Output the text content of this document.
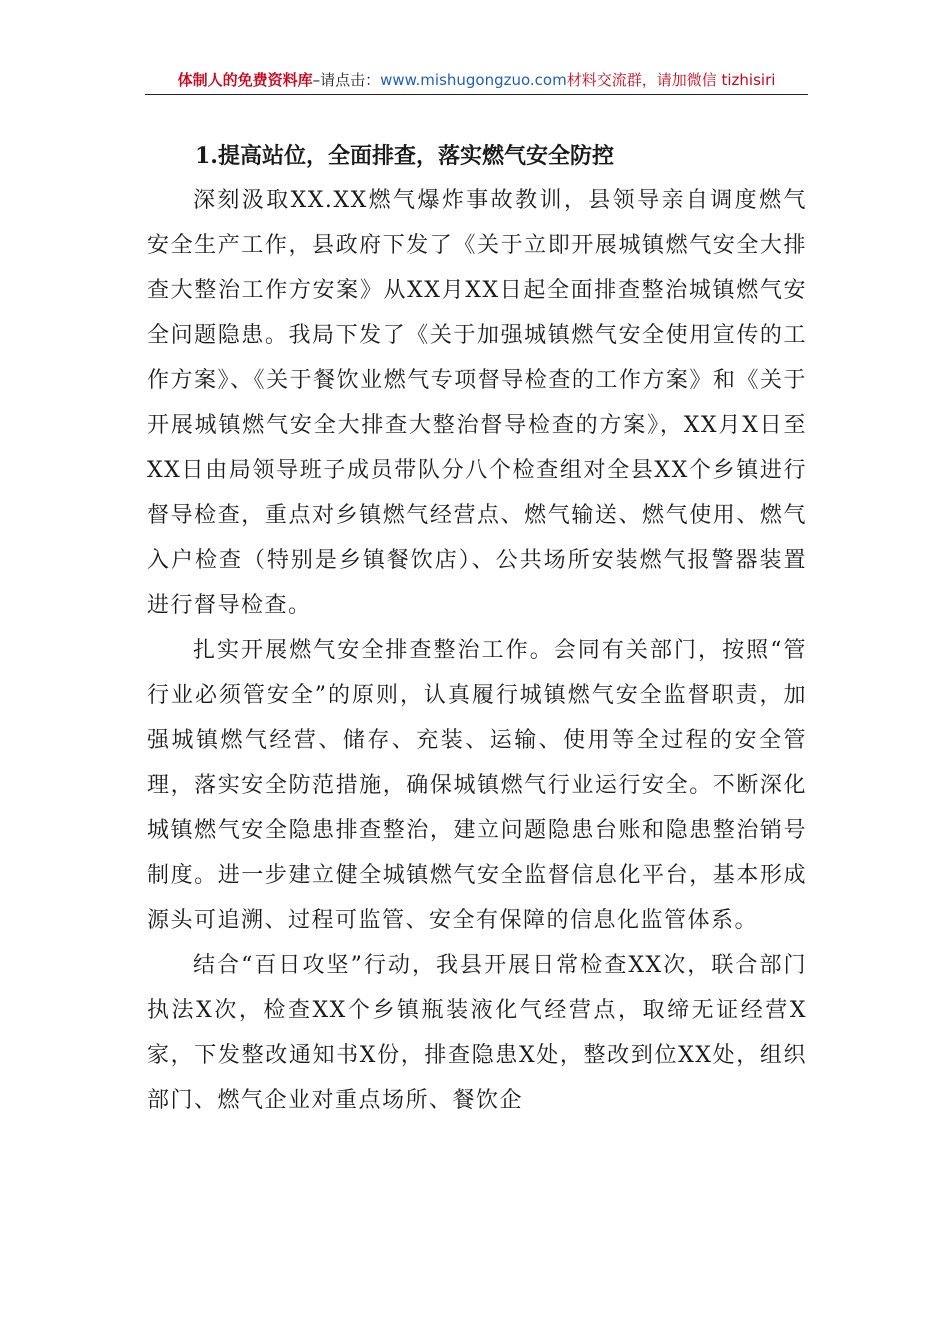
体制人的免费资料库–请点击：www.mishugongzuo.com材料交流群，请加微信 tizhisiri
1.提高站位，全面排查，落实燃气安全防控

深刻汲取XX.XX燃气爆炸事故教训，县领导亲自调度燃气安全生产工作，县政府下发了《关于立即开展城镇燃气安全大排查大整治工作方安案》从XX月XX日起全面排查整治城镇燃气安全问题隐患。我局下发了《关于加强城镇燃气安全使用宣传的工作方案》、《关于餐饮业燃气专项督导检查的工作方案》和《关于开展城镇燃气安全大排查大整治督导检查的方案》，XX月X日至XX日由局领导班子成员带队分八个检查组对全县XX个乡镇进行督导检查，重点对乡镇燃气经营点、燃气输送、燃气使用、燃气入户检查（特别是乡镇餐饮店）、公共场所安装燃气报警器装置进行督导检查。

扎实开展燃气安全排查整治工作。会同有关部门，按照“管行业必须管安全”的原则，认真履行城镇燃气安全监督职责，加强城镇燃气经营、储存、充装、运输、使用等全过程的安全管理，落实安全防范措施，确保城镇燃气行业运行安全。不断深化城镇燃气安全隐患排查整治，建立问题隐患台账和隐患整治销号制度。进一步建立健全城镇燃气安全监督信息化平台，基本形成源头可追溯、过程可监管、安全有保障的信息化监管体系。

结合“百日攻坚”行动，我县开展日常检查XX次，联合部门执法X次，检查XX个乡镇瓶装液化气经营点，取缔无证经营X家，下发整改通知书X份，排查隐患X处，整改到位XX处，组织部门、燃气企业对重点场所、餐饮企
